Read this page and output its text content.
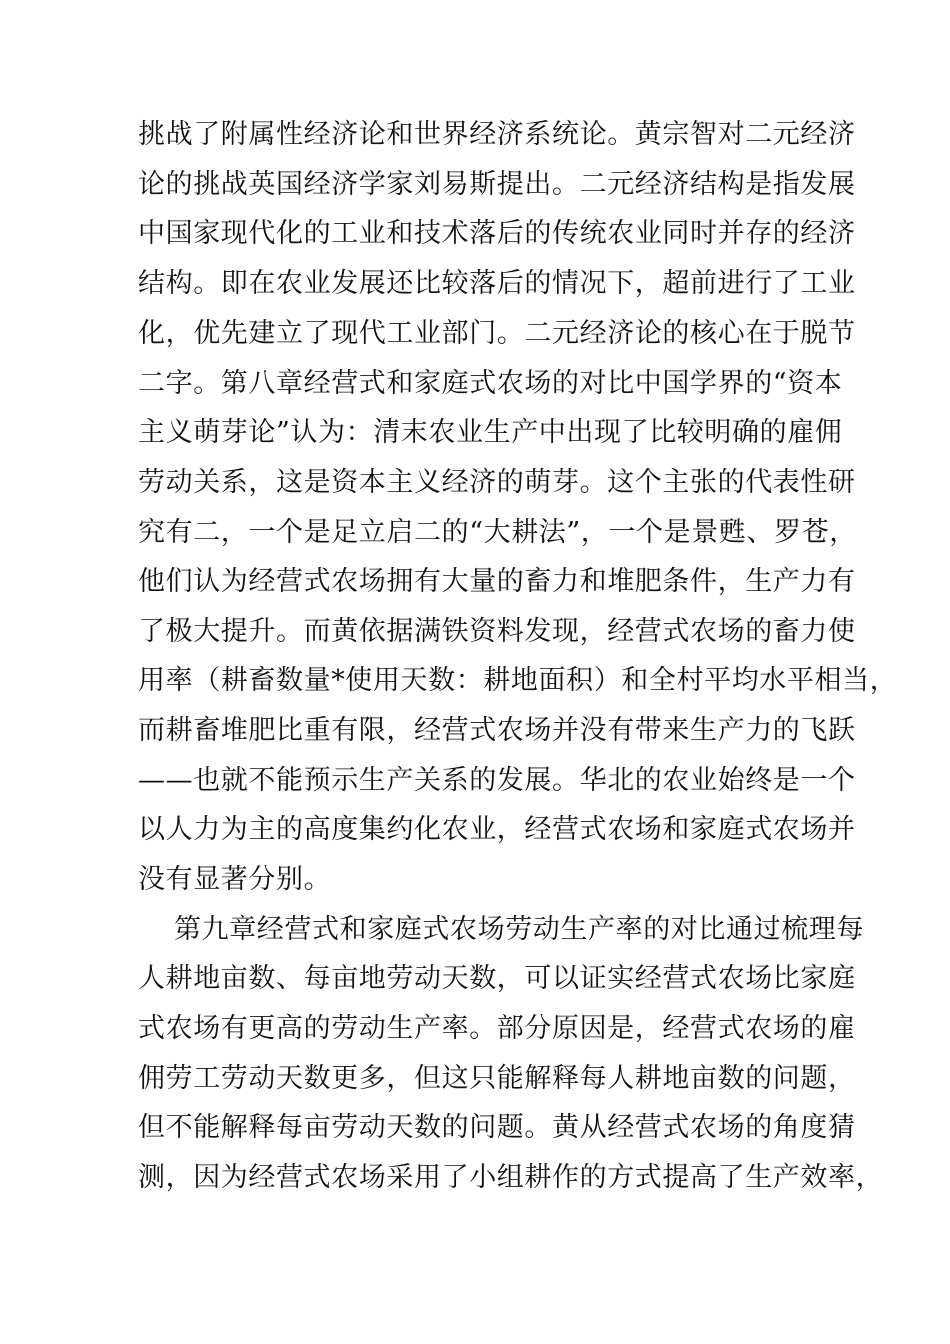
挑战了附属性经济论和世界经济系统论。黄宗智对二元经济
论的挑战英国经济学家刘易斯提出。二元经济结构是指发展
中国家现代化的工业和技术落后的传统农业同时并存的经济
结构。即在农业发展还比较落后的情况下，超前进行了工业
化，优先建立了现代工业部门。二元经济论的核心在于脱节
二字。第八章经营式和家庭式农场的对比中国学界的“资本
主义萌芽论”认为：清末农业生产中出现了比较明确的雇佣
劳动关系，这是资本主义经济的萌芽。这个主张的代表性研
究有二，一个是足立启二的“大耕法”，一个是景甦、罗苍，
他们认为经营式农场拥有大量的畜力和堆肥条件，生产力有
了极大提升。而黄依据满铁资料发现，经营式农场的畜力使
用率（耕畜数量*使用天数：耕地面积）和全村平均水平相当，
而耕畜堆肥比重有限，经营式农场并没有带来生产力的飞跃
——也就不能预示生产关系的发展。华北的农业始终是一个
以人力为主的高度集约化农业，经营式农场和家庭式农场并
没有显著分别。
第九章经营式和家庭式农场劳动生产率的对比通过梳理每
人耕地亩数、每亩地劳动天数，可以证实经营式农场比家庭
式农场有更高的劳动生产率。部分原因是，经营式农场的雇
佣劳工劳动天数更多，但这只能解释每人耕地亩数的问题，
但不能解释每亩劳动天数的问题。黄从经营式农场的角度猜
测，因为经营式农场采用了小组耕作的方式提高了生产效率，
